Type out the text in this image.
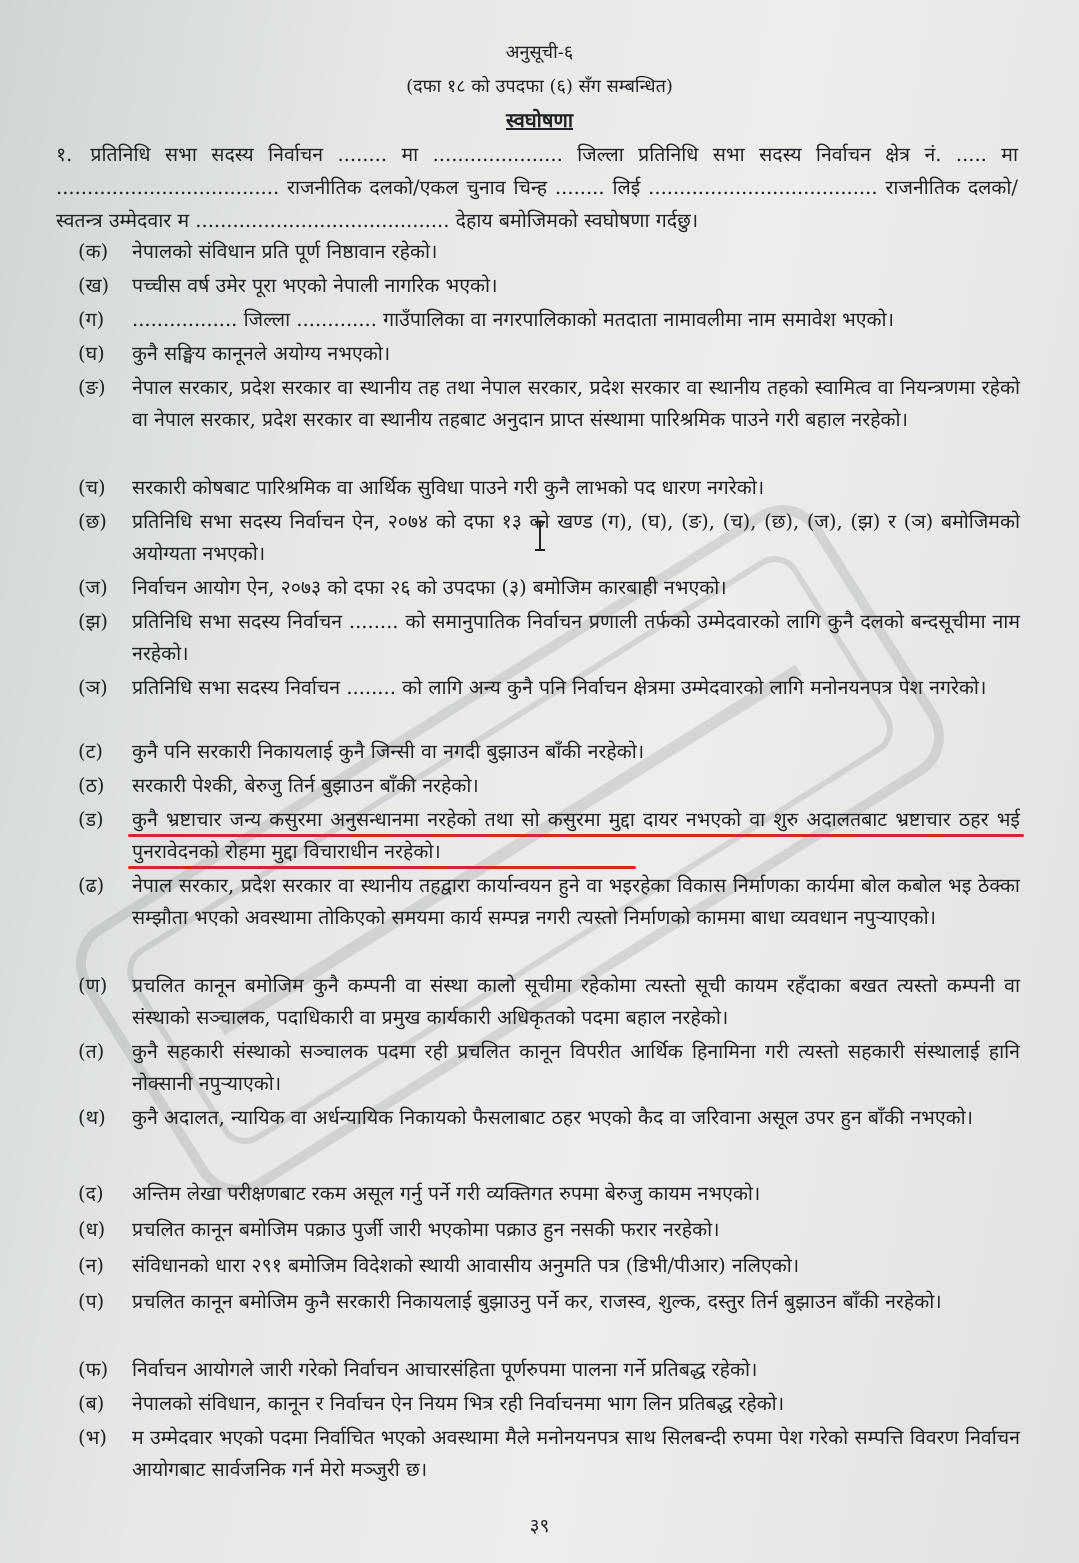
अनुसूची-६
(दफा १८ को उपदफा (६) सँग सम्बन्धित)
स्वघोषणा
१. प्रतिनिधि सभा सदस्य निर्वाचन ........ मा ..................... जिल्ला प्रतिनिधि सभा सदस्य निर्वाचन क्षेत्र नं. ..... मा .................................... राजनीतिक दलको/एकल चुनाव चिन्ह ........ लिई ..................................... राजनीतिक दलको/स्वतन्त्र उम्मेदवार म ......................................... देहाय बमोजिमको स्वघोषणा गर्दछु।
(क)	नेपालको संविधान प्रति पूर्ण निष्ठावान रहेको।
(ख)	पच्चीस वर्ष उमेर पूरा भएको नेपाली नागरिक भएको।
(ग)	................. जिल्ला ............. गाउँपालिका वा नगरपालिकाको मतदाता नामावलीमा नाम समावेश भएको।
(घ)	कुनै सङ्घिय कानूनले अयोग्य नभएको।
(ङ)	नेपाल सरकार, प्रदेश सरकार वा स्थानीय तह तथा नेपाल सरकार, प्रदेश सरकार वा स्थानीय तहको स्वामित्व वा नियन्त्रणमा रहेको वा नेपाल सरकार, प्रदेश सरकार वा स्थानीय तहबाट अनुदान प्राप्त संस्थामा पारिश्रमिक पाउने गरी बहाल नरहेको।
(च)	सरकारी कोषबाट पारिश्रमिक वा आर्थिक सुविधा पाउने गरी कुनै लाभको पद धारण नगरेको।
(छ)	प्रतिनिधि सभा सदस्य निर्वाचन ऐन, २०७४ को दफा १३ को खण्ड (ग), (घ), (ङ), (च), (छ), (ज), (झ) र (ञ) बमोजिमको अयोग्यता नभएको।
(ज)	निर्वाचन आयोग ऐन, २०७३ को दफा २६ को उपदफा (३) बमोजिम कारबाही नभएको।
(झ)	प्रतिनिधि सभा सदस्य निर्वाचन ........ को समानुपातिक निर्वाचन प्रणाली तर्फको उम्मेदवारको लागि कुनै दलको बन्दसूचीमा नाम नरहेको।
(ञ)	प्रतिनिधि सभा सदस्य निर्वाचन ........ को लागि अन्य कुनै पनि निर्वाचन क्षेत्रमा उम्मेदवारको लागि मनोनयनपत्र पेश नगरेको।
(ट)	कुनै पनि सरकारी निकायलाई कुनै जिन्सी वा नगदी बुझाउन बाँकी नरहेको।
(ठ)	सरकारी पेश्की, बेरुजु तिर्न बुझाउन बाँकी नरहेको।
(ड)	कुनै भ्रष्टाचार जन्य कसुरमा अनुसन्धानमा नरहेको तथा सो कसुरमा मुद्दा दायर नभएको वा शुरु अदालतबाट भ्रष्टाचार ठहर भई पुनरावेदनको रोहमा मुद्दा विचाराधीन नरहेको।
(ढ)	नेपाल सरकार, प्रदेश सरकार वा स्थानीय तहद्वारा कार्यान्वयन हुने वा भइरहेका विकास निर्माणका कार्यमा बोल कबोल भइ ठेक्का सम्झौता भएको अवस्थामा तोकिएको समयमा कार्य सम्पन्न नगरी त्यस्तो निर्माणको काममा बाधा व्यवधान नपुऱ्याएको।
(ण)	प्रचलित कानून बमोजिम कुनै कम्पनी वा संस्था कालो सूचीमा रहेकोमा त्यस्तो सूची कायम रहँदाका बखत त्यस्तो कम्पनी वा संस्थाको सञ्चालक, पदाधिकारी वा प्रमुख कार्यकारी अधिकृतको पदमा बहाल नरहेको।
(त)	कुनै सहकारी संस्थाको सञ्चालक पदमा रही प्रचलित कानून विपरीत आर्थिक हिनामिना गरी त्यस्तो सहकारी संस्थालाई हानि नोक्सानी नपुऱ्याएको।
(थ)	कुनै अदालत, न्यायिक वा अर्धन्यायिक निकायको फैसलाबाट ठहर भएको कैद वा जरिवाना असूल उपर हुन बाँकी नभएको।
(द)	अन्तिम लेखा परीक्षणबाट रकम असूल गर्नु पर्ने गरी व्यक्तिगत रुपमा बेरुजु कायम नभएको।
(ध)	प्रचलित कानून बमोजिम पक्राउ पुर्जी जारी भएकोमा पक्राउ हुन नसकी फरार नरहेको।
(न)	संविधानको धारा २९१ बमोजिम विदेशको स्थायी आवासीय अनुमति पत्र (डिभी/पीआर) नलिएको।
(प)	प्रचलित कानून बमोजिम कुनै सरकारी निकायलाई बुझाउनु पर्ने कर, राजस्व, शुल्क, दस्तुर तिर्न बुझाउन बाँकी नरहेको।
(फ)	निर्वाचन आयोगले जारी गरेको निर्वाचन आचारसंहिता पूर्णरुपमा पालना गर्ने प्रतिबद्ध रहेको।
(ब)	नेपालको संविधान, कानून र निर्वाचन ऐन नियम भित्र रही निर्वाचनमा भाग लिन प्रतिबद्ध रहेको।
(भ)	म उम्मेदवार भएको पदमा निर्वाचित भएको अवस्थामा मैले मनोनयनपत्र साथ सिलबन्दी रुपमा पेश गरेको सम्पत्ति विवरण निर्वाचन आयोगबाट सार्वजनिक गर्न मेरो मञ्जुरी छ।
३९
